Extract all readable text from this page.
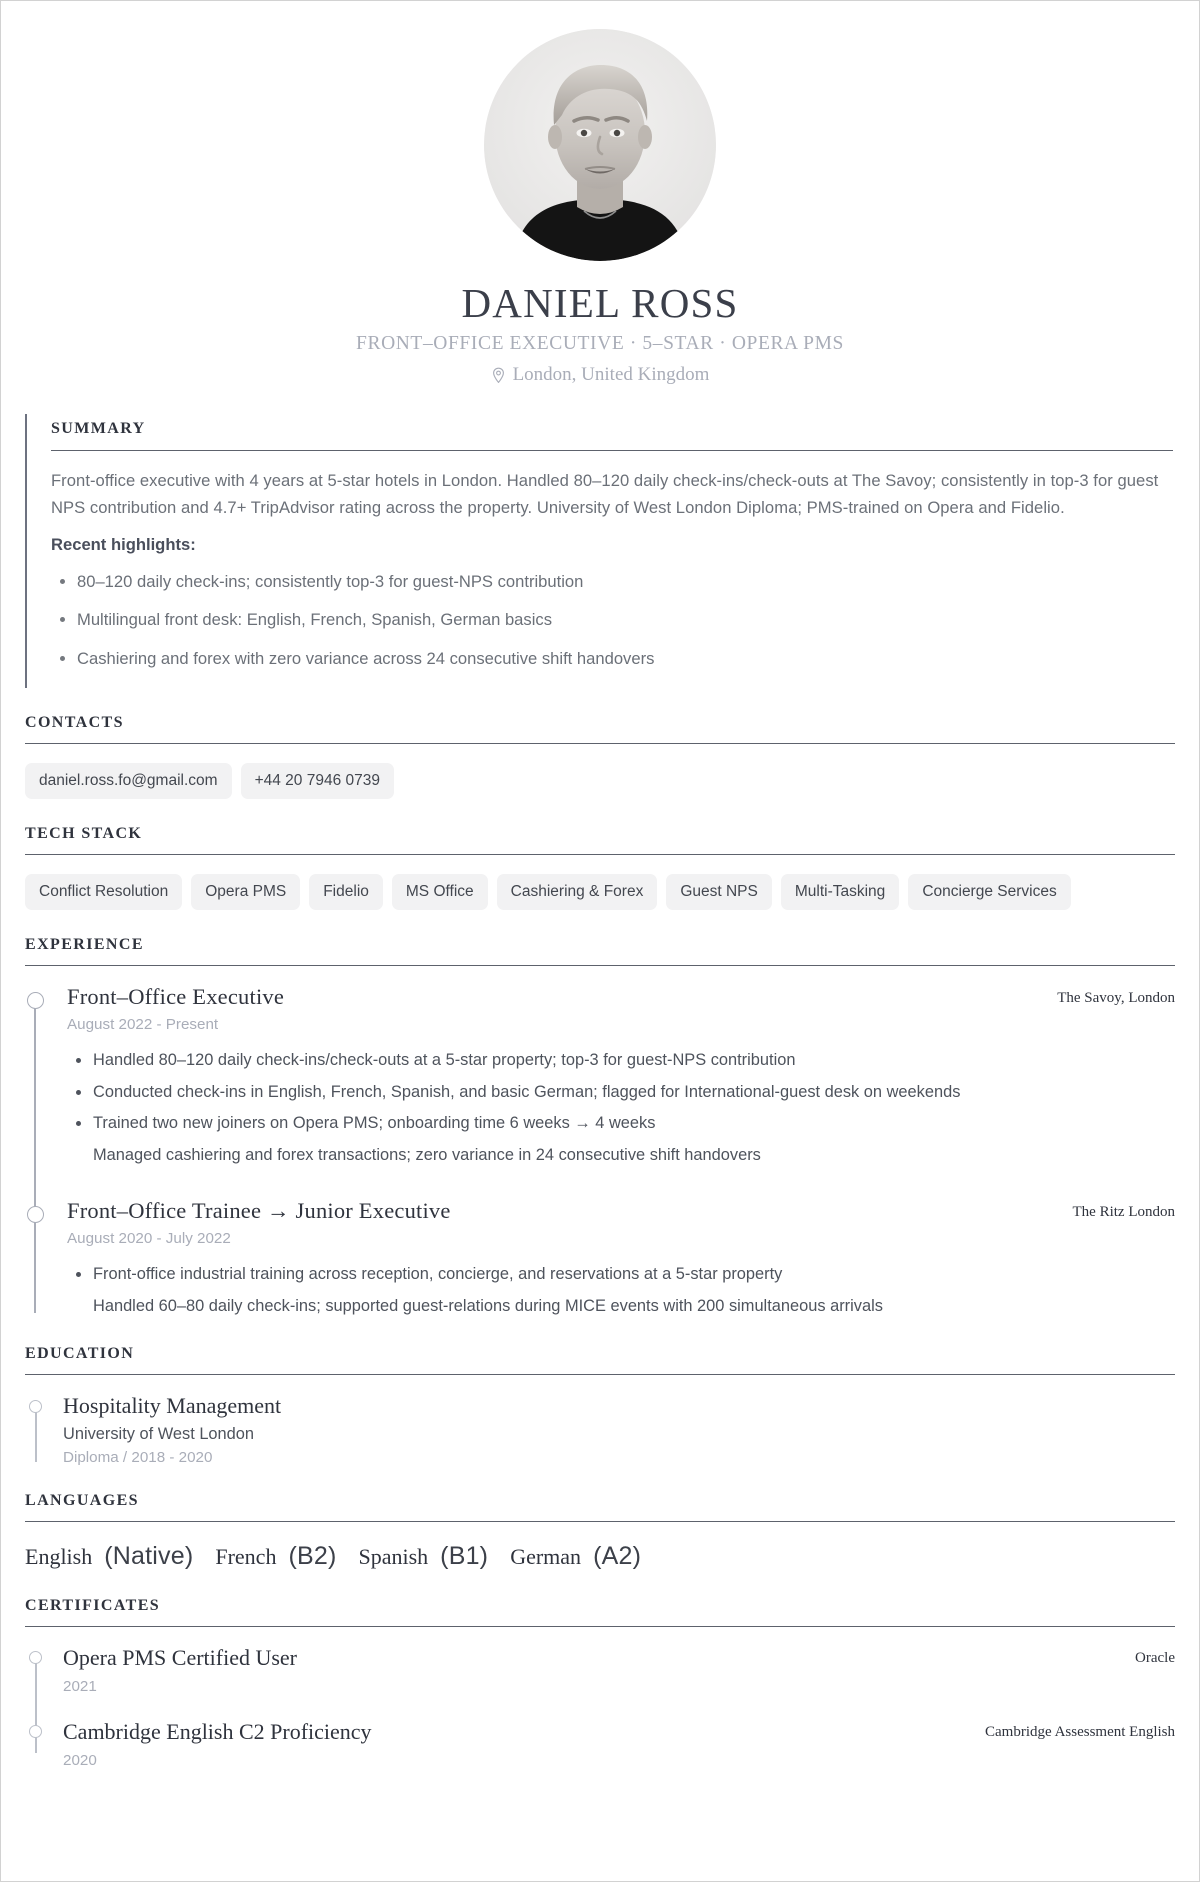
DANIEL ROSS
FRONT–OFFICE EXECUTIVE · 5–STAR · OPERA PMS
London, United Kingdom
SUMMARY
Front-office executive with 4 years at 5-star hotels in London. Handled 80–120 daily check-ins/check-outs at The Savoy; consistently in top-3 for guest NPS contribution and 4.7+ TripAdvisor rating across the property. University of West London Diploma; PMS-trained on Opera and Fidelio.
Recent highlights:
80–120 daily check-ins; consistently top-3 for guest-NPS contribution
Multilingual front desk: English, French, Spanish, German basics
Cashiering and forex with zero variance across 24 consecutive shift handovers
CONTACTS
daniel.ross.fo@gmail.com	+44 20 7946 0739
TECH STACK
Conflict Resolution	Opera PMS	Fidelio	MS Office	Cashiering & Forex	Guest NPS	Multi-Tasking	Concierge Services
EXPERIENCE
Front–Office Executive	The Savoy, London
August 2022 - Present
Handled 80–120 daily check-ins/check-outs at a 5-star property; top-3 for guest-NPS contribution
Conducted check-ins in English, French, Spanish, and basic German; flagged for International-guest desk on weekends
Trained two new joiners on Opera PMS; onboarding time 6 weeks → 4 weeks
Managed cashiering and forex transactions; zero variance in 24 consecutive shift handovers
Front–Office Trainee → Junior Executive	The Ritz London
August 2020 - July 2022
Front-office industrial training across reception, concierge, and reservations at a 5-star property
Handled 60–80 daily check-ins; supported guest-relations during MICE events with 200 simultaneous arrivals
EDUCATION
Hospitality Management
University of West London
Diploma / 2018 - 2020
LANGUAGES
English (Native) French (B2) Spanish (B1) German (A2)
CERTIFICATES
Opera PMS Certified User	Oracle
2021
Cambridge English C2 Proficiency	Cambridge Assessment English
2020
